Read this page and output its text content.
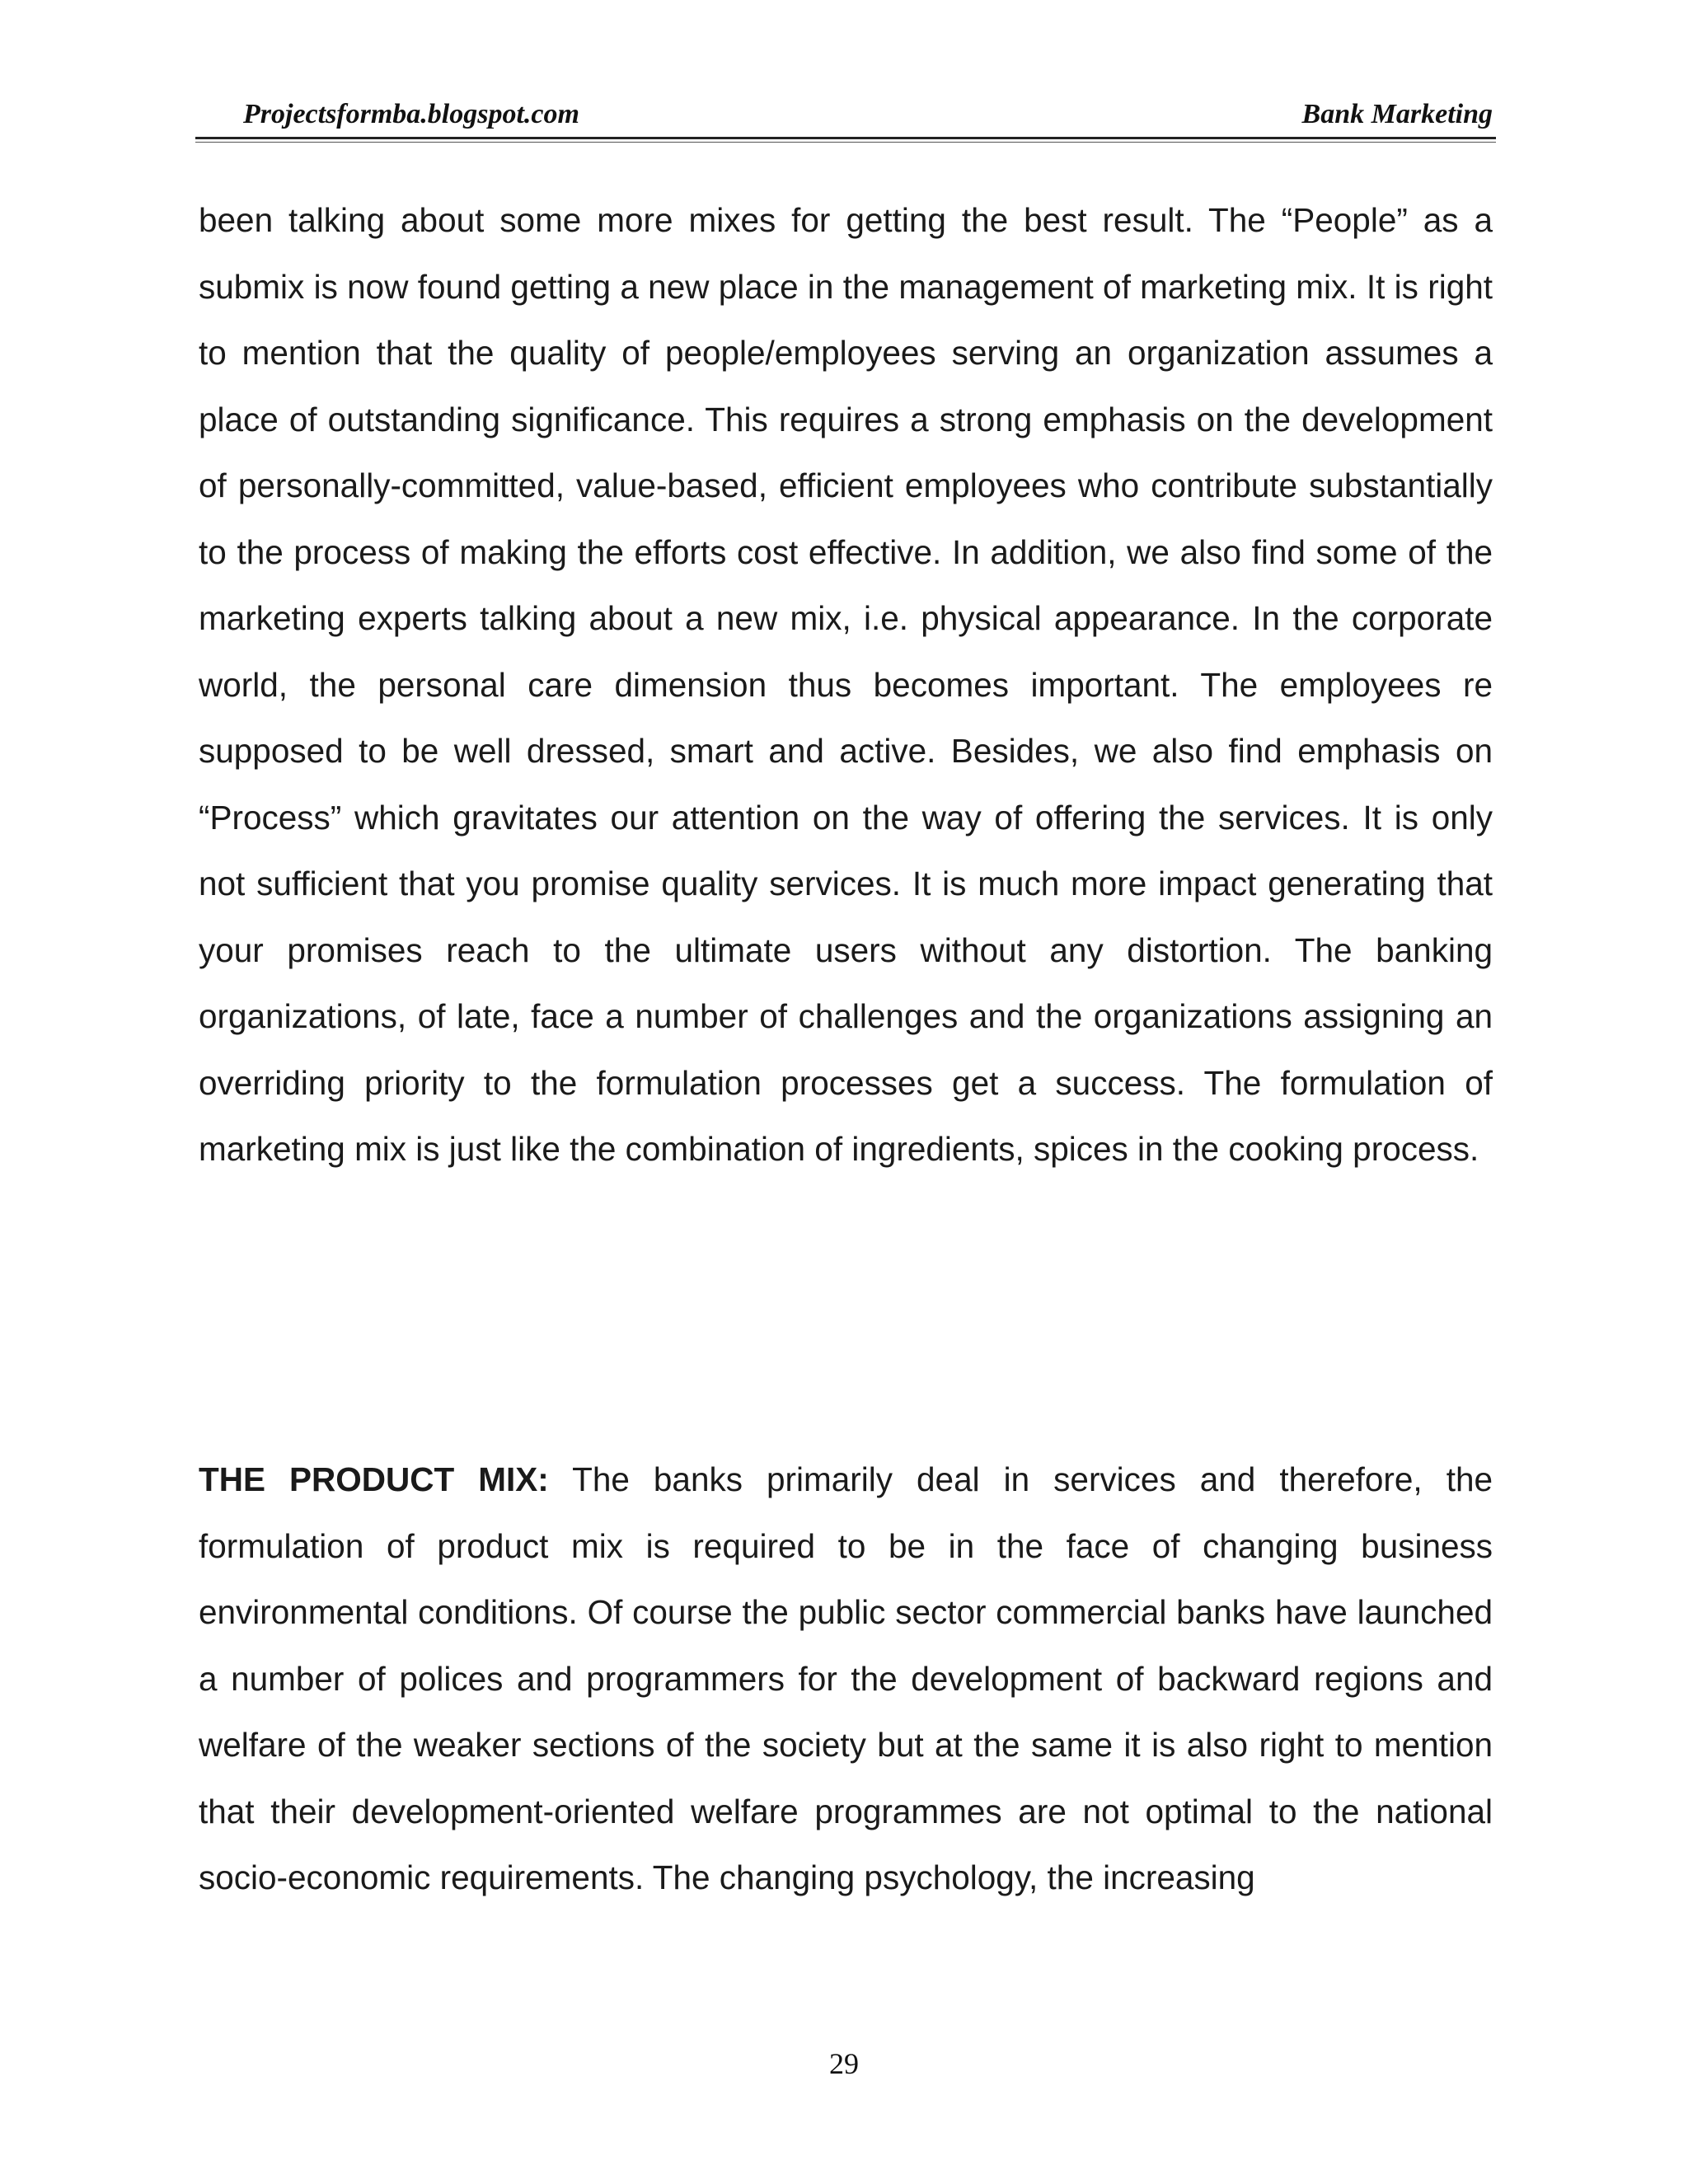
Projectsformba.blogspot.com	Bank Marketing

been talking about some more mixes for getting the best result. The “People” as a submix is now found getting a new place in the management of marketing mix. It is right to mention that the quality of people/employees serving an organization assumes a place of outstanding significance. This requires a strong emphasis on the development of personally-committed, value-based, efficient employees who contribute substantially to the process of making the efforts cost effective. In addition, we also find some of the marketing experts talking about a new mix, i.e. physical appearance. In the corporate world, the personal care dimension thus becomes important. The employees re supposed to be well dressed, smart and active. Besides, we also find emphasis on “Process” which gravitates our attention on the way of offering the services. It is only not sufficient that you promise quality services. It is much more impact generating that your promises reach to the ultimate users without any distortion. The banking organizations, of late, face a number of challenges and the organizations assigning an overriding priority to the formulation processes get a success. The formulation of marketing mix is just like the combination of ingredients, spices in the cooking process.

THE PRODUCT MIX: The banks primarily deal in services and therefore, the formulation of product mix is required to be in the face of changing business environmental conditions. Of course the public sector commercial banks have launched a number of polices and programmers for the development of backward regions and welfare of the weaker sections of the society but at the same it is also right to mention that their development-oriented welfare programmes are not optimal to the national socio-economic requirements. The changing psychology, the increasing

29
